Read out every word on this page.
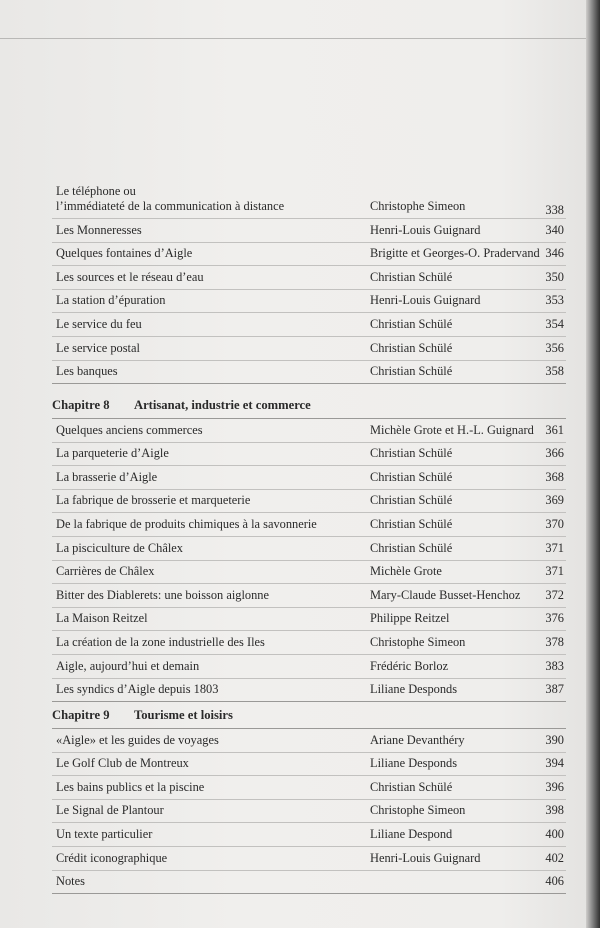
Le téléphone ou
l’immédiateté de la communication à distance	Christophe Simeon	338
Les Monneresses	Henri-Louis Guignard	340
Quelques fontaines d’Aigle	Brigitte et Georges-O. Pradervand 346
Les sources et le réseau d’eau	Christian Schülé	350
La station d’épuration	Henri-Louis Guignard	353
Le service du feu	Christian Schülé	354
Le service postal	Christian Schülé	356
Les banques	Christian Schülé	358
Chapitre 8 Artisanat, industrie et commerce
Quelques anciens commerces	Michèle Grote et H.-L. Guignard 361
La parqueterie d’Aigle	Christian Schülé	366
La brasserie d’Aigle	Christian Schülé	368
La fabrique de brosserie et marqueterie	Christian Schülé	369
De la fabrique de produits chimiques à la savonnerie	Christian Schülé	370
La pisciculture de Châlex	Christian Schülé	371
Carrières de Châlex	Michèle Grote	371
Bitter des Diablerets: une boisson aiglonne	Mary-Claude Busset-Henchoz 372
La Maison Reitzel	Philippe Reitzel	376
La création de la zone industrielle des Iles	Christophe Simeon	378
Aigle, aujourd’hui et demain	Frédéric Borloz	383
Les syndics d’Aigle depuis 1803	Liliane Desponds	387
Chapitre 9 Tourisme et loisirs
«Aigle» et les guides de voyages	Ariane Devanthéry	390
Le Golf Club de Montreux	Liliane Desponds	394
Les bains publics et la piscine	Christian Schülé	396
Le Signal de Plantour	Christophe Simeon	398
Un texte particulier	Liliane Despond	400
Crédit iconographique	Henri-Louis Guignard	402
Notes	406
